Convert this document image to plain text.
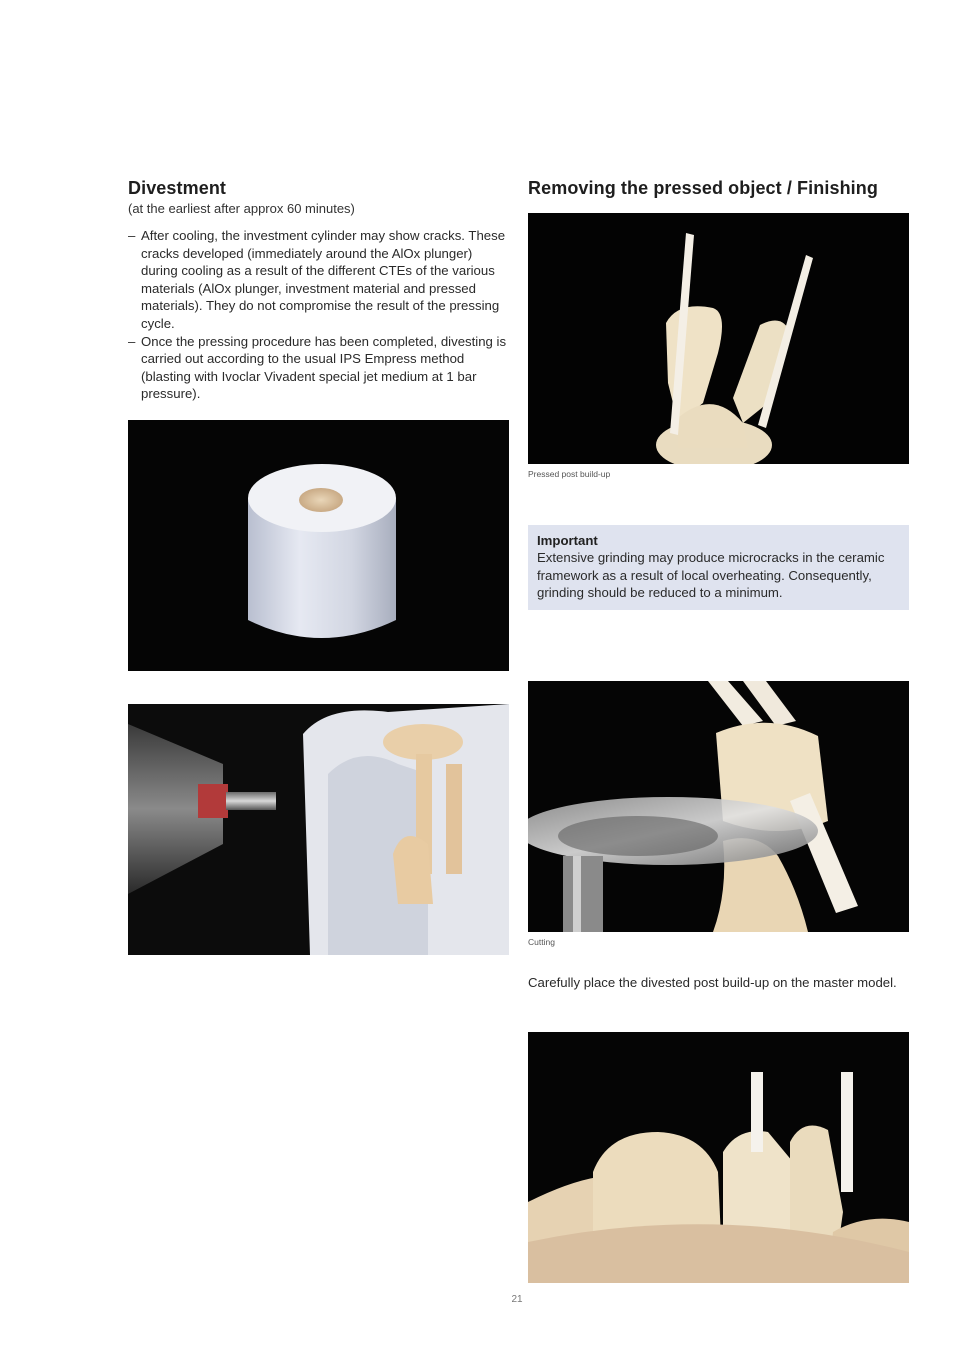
Divestment
(at the earliest after approx 60 minutes)
– After cooling, the investment cylinder may show cracks. These cracks developed (immediately around the AlOx plunger) during cooling as a result of the different CTEs of the various materials (AlOx plunger, investment material and pressed materials). They do not compromise the result of the pressing cycle.
– Once the pressing procedure has been completed, divesting is carried out according to the usual IPS Empress method (blasting with Ivoclar Vivadent special jet medium at 1 bar pressure).
Removing the pressed object / Finishing
Pressed post build-up
Important
Extensive grinding may produce microcracks in the ceramic framework as a result of local overheating. Consequently, grinding should be reduced to a minimum.
Cutting
Carefully place the divested post build-up on the master model.
21
